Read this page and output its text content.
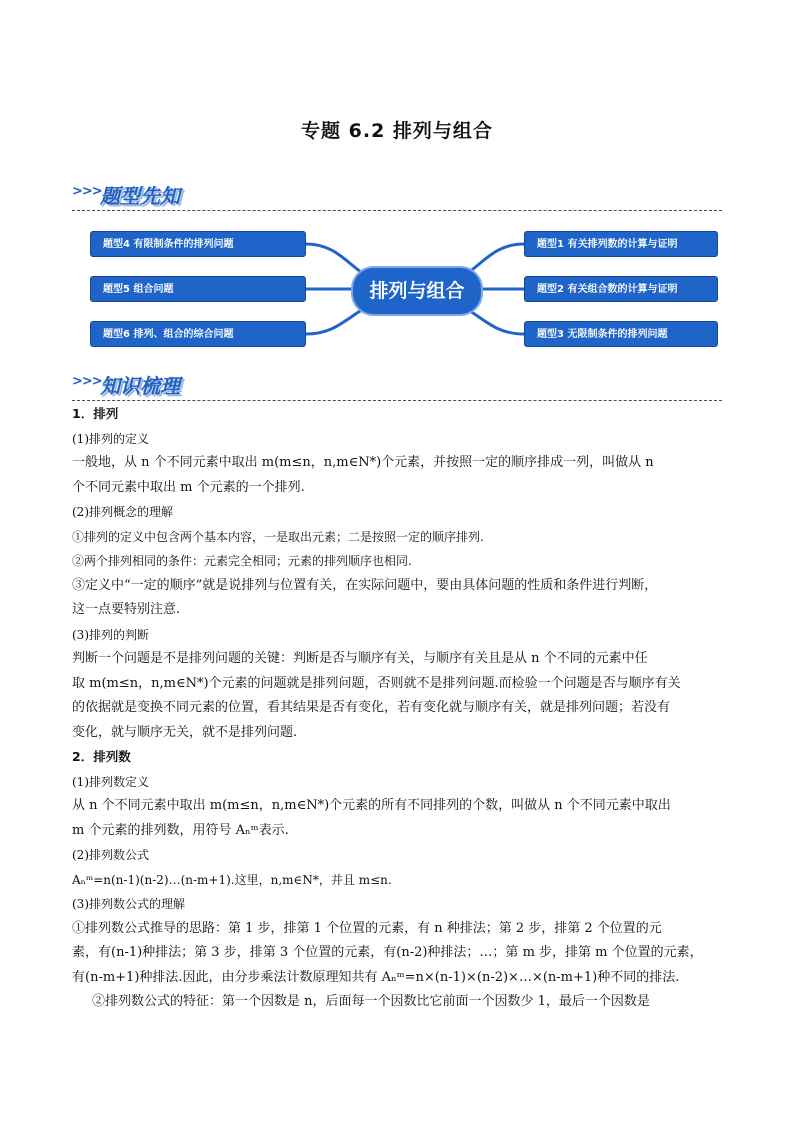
专题 6.2 排列与组合
>>>
题型先知
题型4 有限制条件的排列问题
题型5 组合问题
题型6 排列、组合的综合问题
排列与组合
题型1 有关排列数的计算与证明
题型2 有关组合数的计算与证明
题型3 无限制条件的排列问题
>>>
知识梳理

1．排列

(1)排列的定义

一般地，从 n 个不同元素中取出 m(m≤n，n,m∈N*)个元素，并按照一定的顺序排成一列，叫做从 n

个不同元素中取出 m 个元素的一个排列.

(2)排列概念的理解

①排列的定义中包含两个基本内容，一是取出元素；二是按照一定的顺序排列.

②两个排列相同的条件：元素完全相同；元素的排列顺序也相同.

③定义中“一定的顺序”就是说排列与位置有关，在实际问题中，要由具体问题的性质和条件进行判断，

这一点要特别注意.

(3)排列的判断

判断一个问题是不是排列问题的关键：判断是否与顺序有关，与顺序有关且是从 n 个不同的元素中任

取 m(m≤n，n,m∈N*)个元素的问题就是排列问题，否则就不是排列问题.而检验一个问题是否与顺序有关

的依据就是变换不同元素的位置，看其结果是否有变化，若有变化就与顺序有关，就是排列问题；若没有

变化，就与顺序无关，就不是排列问题.

2．排列数

(1)排列数定义

从 n 个不同元素中取出 m(m≤n，n,m∈N*)个元素的所有不同排列的个数，叫做从 n 个不同元素中取出

m 个元素的排列数，用符号 Aₙᵐ表示.

(2)排列数公式

Aₙᵐ=n(n-1)(n-2)…(n-m+1).这里，n,m∈N*，并且 m≤n.

(3)排列数公式的理解

①排列数公式推导的思路：第 1 步，排第 1 个位置的元素，有 n 种排法；第 2 步，排第 2 个位置的元

素，有(n-1)种排法；第 3 步，排第 3 个位置的元素，有(n-2)种排法；…；第 m 步，排第 m 个位置的元素，

有(n-m+1)种排法.因此，由分步乘法计数原理知共有 Aₙᵐ=n×(n-1)×(n-2)×…×(n-m+1)种不同的排法.

②排列数公式的特征：第一个因数是 n，后面每一个因数比它前面一个因数少 1，最后一个因数是
